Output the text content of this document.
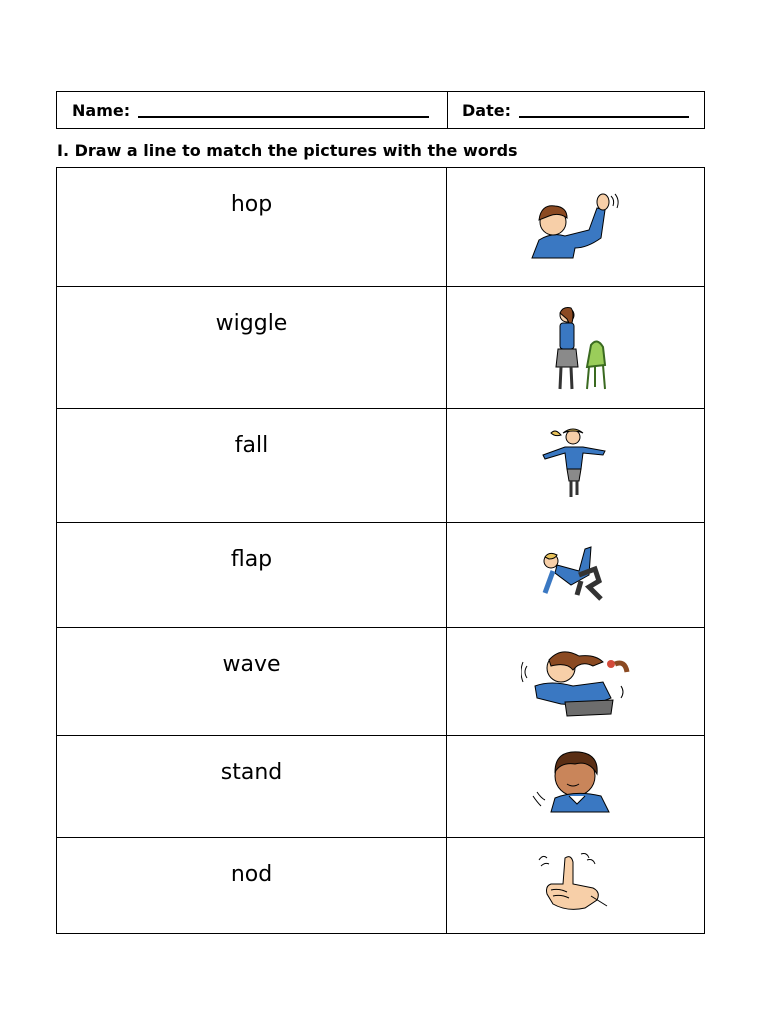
Name:	Date:
I. Draw a line to match the pictures with the words
hop
wiggle
fall
flap
wave
stand
nod
